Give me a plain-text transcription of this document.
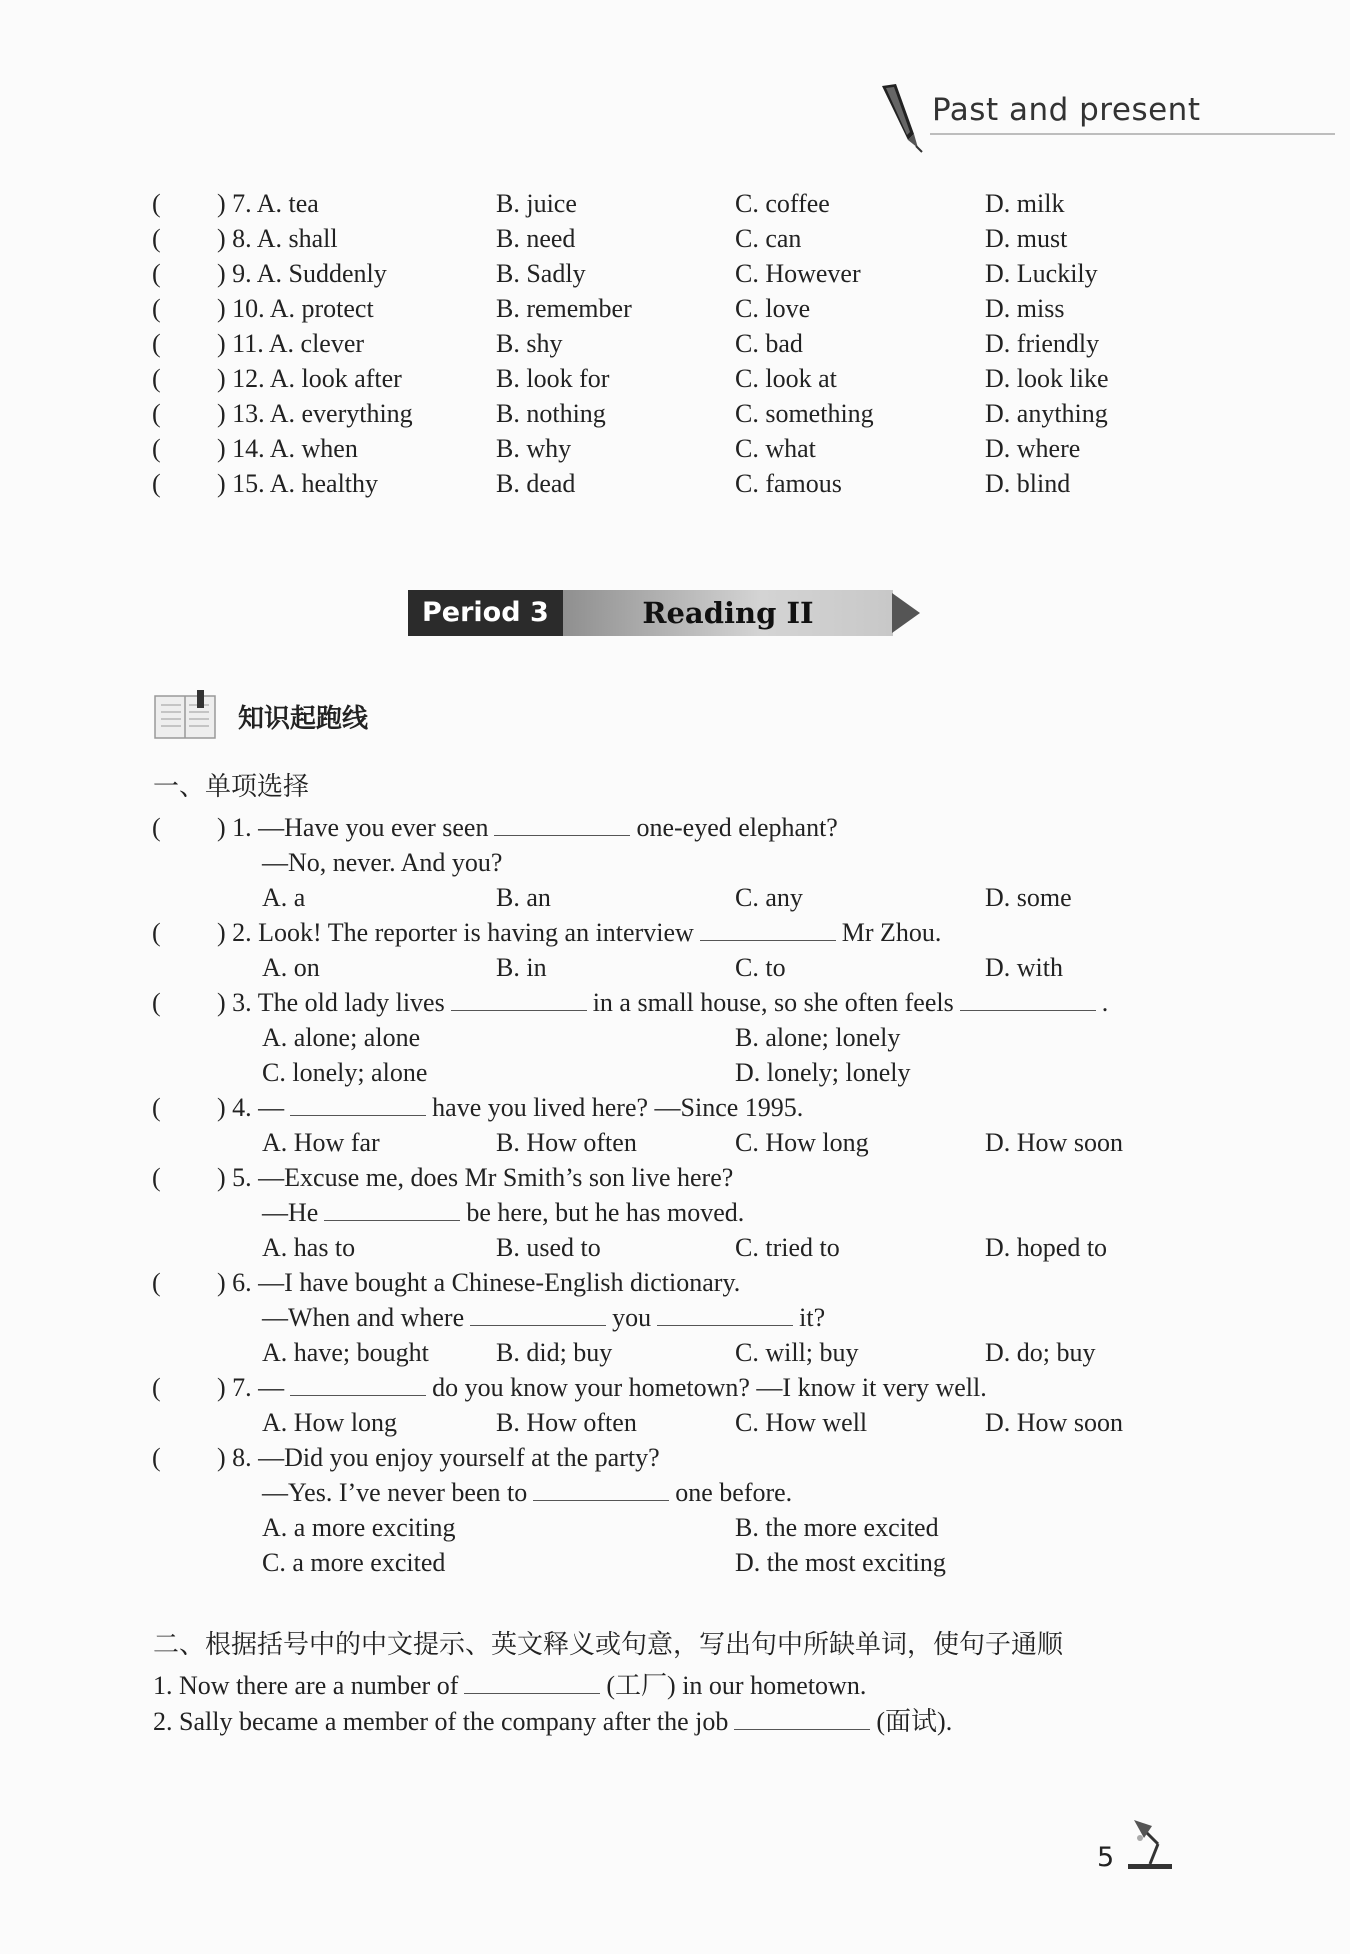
Past and present
( ) 7. A. tea	B. juice	C. coffee	D. milk
( ) 8. A. shall	B. need	C. can	D. must
( ) 9. A. Suddenly	B. Sadly	C. However	D. Luckily
( ) 10. A. protect	B. remember	C. love	D. miss
( ) 11. A. clever	B. shy	C. bad	D. friendly
( ) 12. A. look after	B. look for	C. look at	D. look like
( ) 13. A. everything	B. nothing	C. something	D. anything
( ) 14. A. when	B. why	C. what	D. where
( ) 15. A. healthy	B. dead	C. famous	D. blind
Period 3	Reading II
知识起跑线
一、单项选择
( ) 1. —Have you ever seen	one-eyed elephant?
—No, never. And you?
A. a	B. an	C. any	D. some
( ) 2. Look! The reporter is having an interview	Mr Zhou.
A. on	B. in	C. to	D. with
( ) 3. The old lady lives	in a small house, so she often feels	.
A. alone; alone	B. alone; lonely
C. lonely; alone	D. lonely; lonely
( ) 4. —	have you lived here? —Since 1995.
A. How far	B. How often	C. How long	D. How soon
( ) 5. —Excuse me, does Mr Smith’s son live here?
—He	be here, but he has moved.
A. has to	B. used to	C. tried to	D. hoped to
( ) 6. —I have bought a Chinese-English dictionary.
—When and where	you	it?
A. have; bought	B. did; buy	C. will; buy	D. do; buy
( ) 7. —	do you know your hometown? —I know it very well.
A. How long	B. How often	C. How well	D. How soon
( ) 8. —Did you enjoy yourself at the party?
—Yes. I’ve never been to	one before.
A. a more exciting	B. the more excited
C. a more excited	D. the most exciting
二、根据括号中的中文提示、英文释义或句意，写出句中所缺单词，使句子通顺
1. Now there are a number of	(工厂) in our hometown.
2. Sally became a member of the company after the job	(面试).
5
